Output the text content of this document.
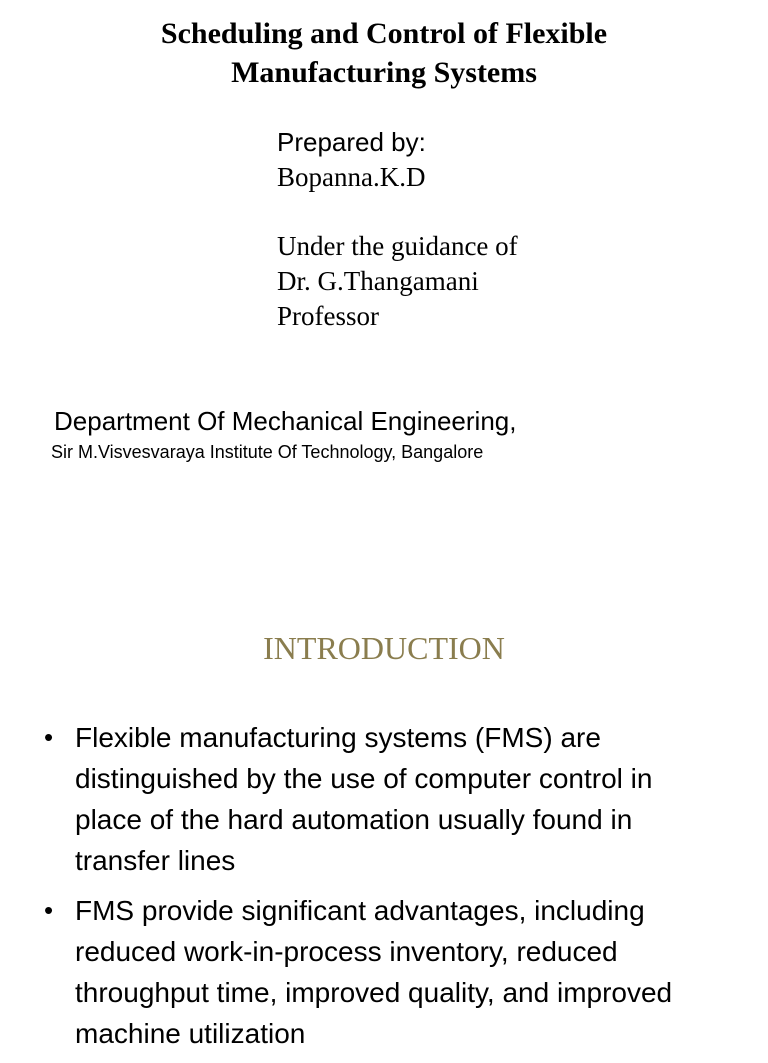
Scheduling and Control of Flexible
Manufacturing Systems
Prepared by:
Bopanna.K.D
Under the guidance of
Dr. G.Thangamani
Professor
Department Of Mechanical Engineering,
Sir M.Visvesvaraya Institute Of Technology, Bangalore
INTRODUCTION
• Flexible manufacturing systems (FMS) are distinguished by the use of computer control in place of the hard automation usually found in transfer lines
• FMS provide significant advantages, including reduced work-in-process inventory, reduced throughput time, improved quality, and improved machine utilization
